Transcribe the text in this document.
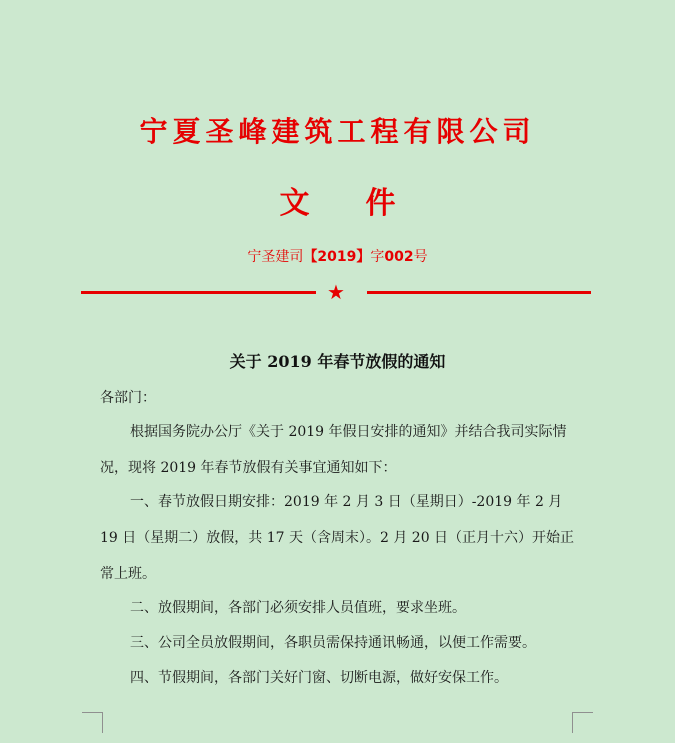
宁夏圣峰建筑工程有限公司
文 件
宁圣建司【2019】字002号
★
关于 2019 年春节放假的通知
各部门：
根据国务院办公厅《关于 2019 年假日安排的通知》并结合我司实际情况，现将 2019 年春节放假有关事宜通知如下：
一、春节放假日期安排：2019 年 2 月 3 日（星期日）-2019 年 2 月 19 日（星期二）放假，共 17 天（含周末）。2 月 20 日（正月十六）开始正常上班。
二、放假期间，各部门必须安排人员值班，要求坐班。
三、公司全员放假期间，各职员需保持通讯畅通，以便工作需要。
四、节假期间，各部门关好门窗、切断电源，做好安保工作。
